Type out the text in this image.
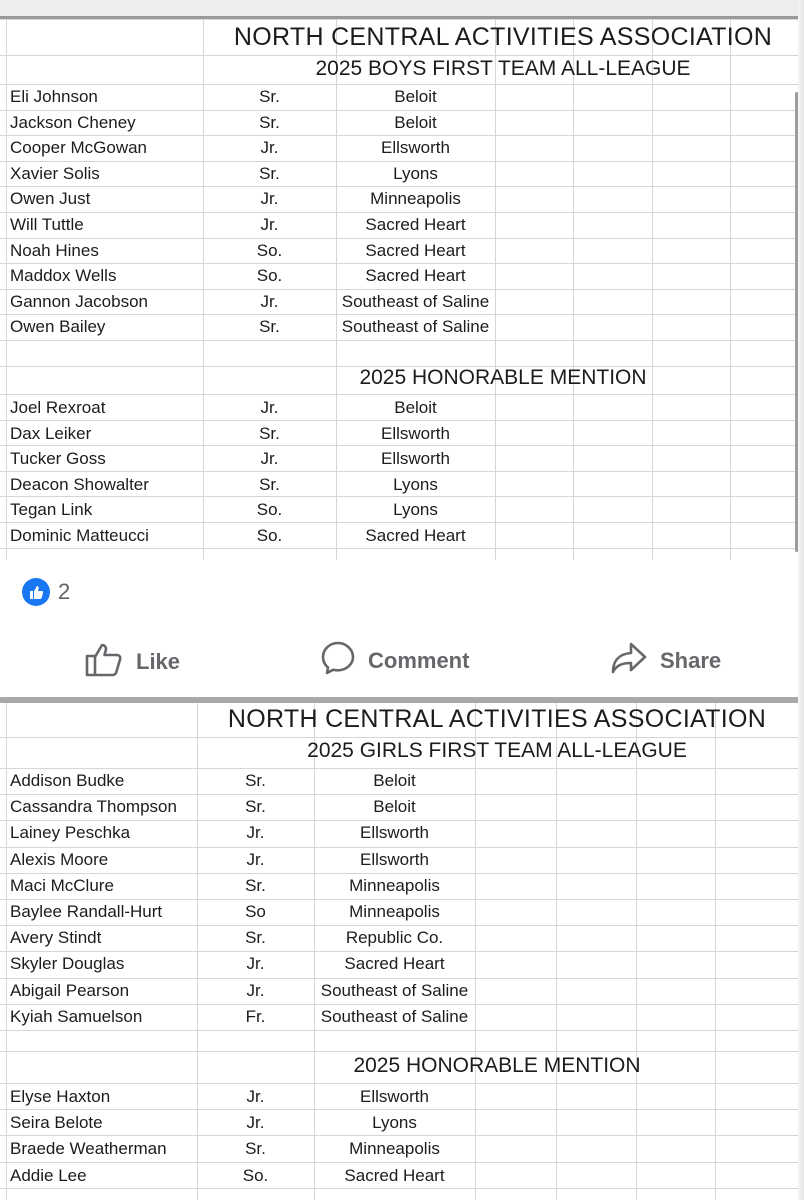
NORTH CENTRAL ACTIVITIES ASSOCIATION
2025 BOYS FIRST TEAM ALL-LEAGUE
Eli Johnson	Sr.	Beloit
Jackson Cheney	Sr.	Beloit
Cooper McGowan	Jr.	Ellsworth
Xavier Solis	Sr.	Lyons
Owen Just	Jr.	Minneapolis
Will Tuttle	Jr.	Sacred Heart
Noah Hines	So.	Sacred Heart
Maddox Wells	So.	Sacred Heart
Gannon Jacobson	Jr.	Southeast of Saline
Owen Bailey	Sr.	Southeast of Saline
2025 HONORABLE MENTION
Joel Rexroat	Jr.	Beloit
Dax Leiker	Sr.	Ellsworth
Tucker Goss	Jr.	Ellsworth
Deacon Showalter	Sr.	Lyons
Tegan Link	So.	Lyons
Dominic Matteucci	So.	Sacred Heart
2
Like	Comment	Share
NORTH CENTRAL ACTIVITIES ASSOCIATION
2025 GIRLS FIRST TEAM ALL-LEAGUE
Addison Budke	Sr.	Beloit
Cassandra Thompson	Sr.	Beloit
Lainey Peschka	Jr.	Ellsworth
Alexis Moore	Jr.	Ellsworth
Maci McClure	Sr.	Minneapolis
Baylee Randall-Hurt	So	Minneapolis
Avery Stindt	Sr.	Republic Co.
Skyler Douglas	Jr.	Sacred Heart
Abigail Pearson	Jr.	Southeast of Saline
Kyiah Samuelson	Fr.	Southeast of Saline
2025 HONORABLE MENTION
Elyse Haxton	Jr.	Ellsworth
Seira Belote	Jr.	Lyons
Braede Weatherman	Sr.	Minneapolis
Addie Lee	So.	Sacred Heart
